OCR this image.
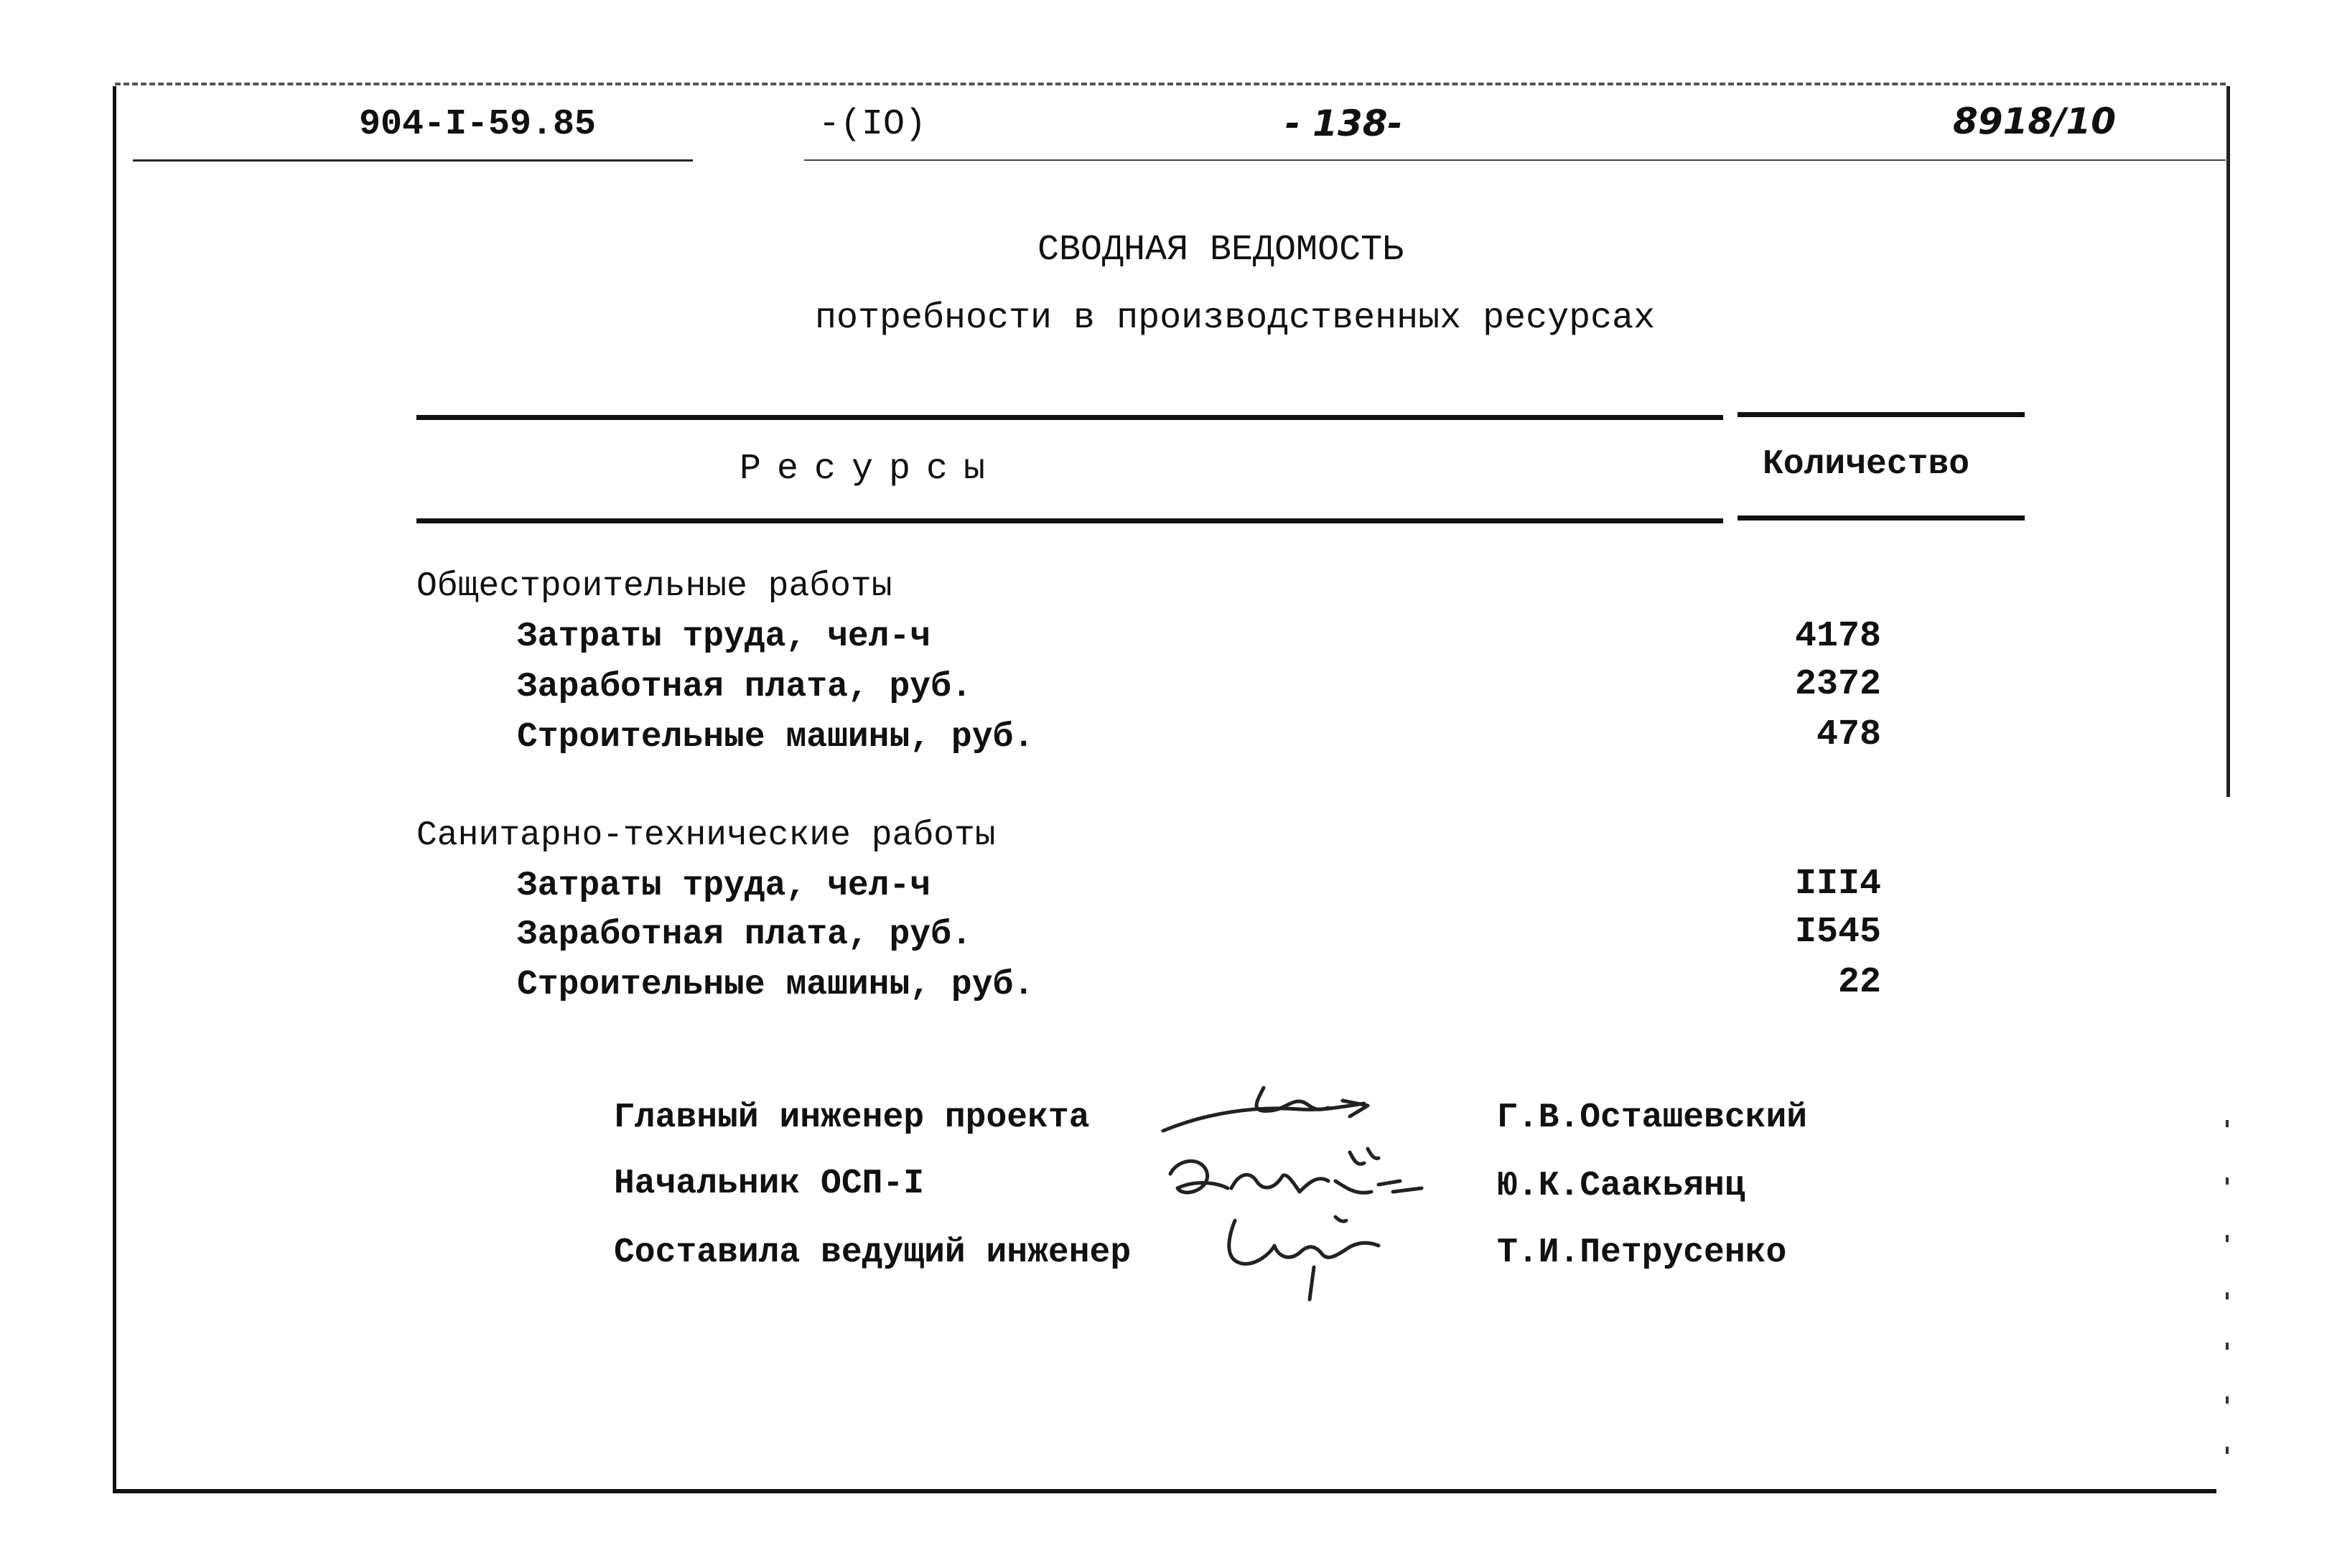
904-I-59.85	-(IO)	- 138-	8918/10
СВОДНАЯ ВЕДОМОСТЬ
потребности в производственных ресурсах
Ресурсы	Количество
Общестроительные работы
Затраты труда, чел-ч	4178
Заработная плата, руб.	2372
Строительные машины, руб.	478
Санитарно-технические работы
Затраты труда, чел-ч	III4
Заработная плата, руб.	I545
Строительные машины, руб.	22
Главный инженер проекта	Г.В.Осташевский
Начальник ОСП-I	Ю.К.Саакьянц
Составила ведущий инженер	Т.И.Петрусенко
